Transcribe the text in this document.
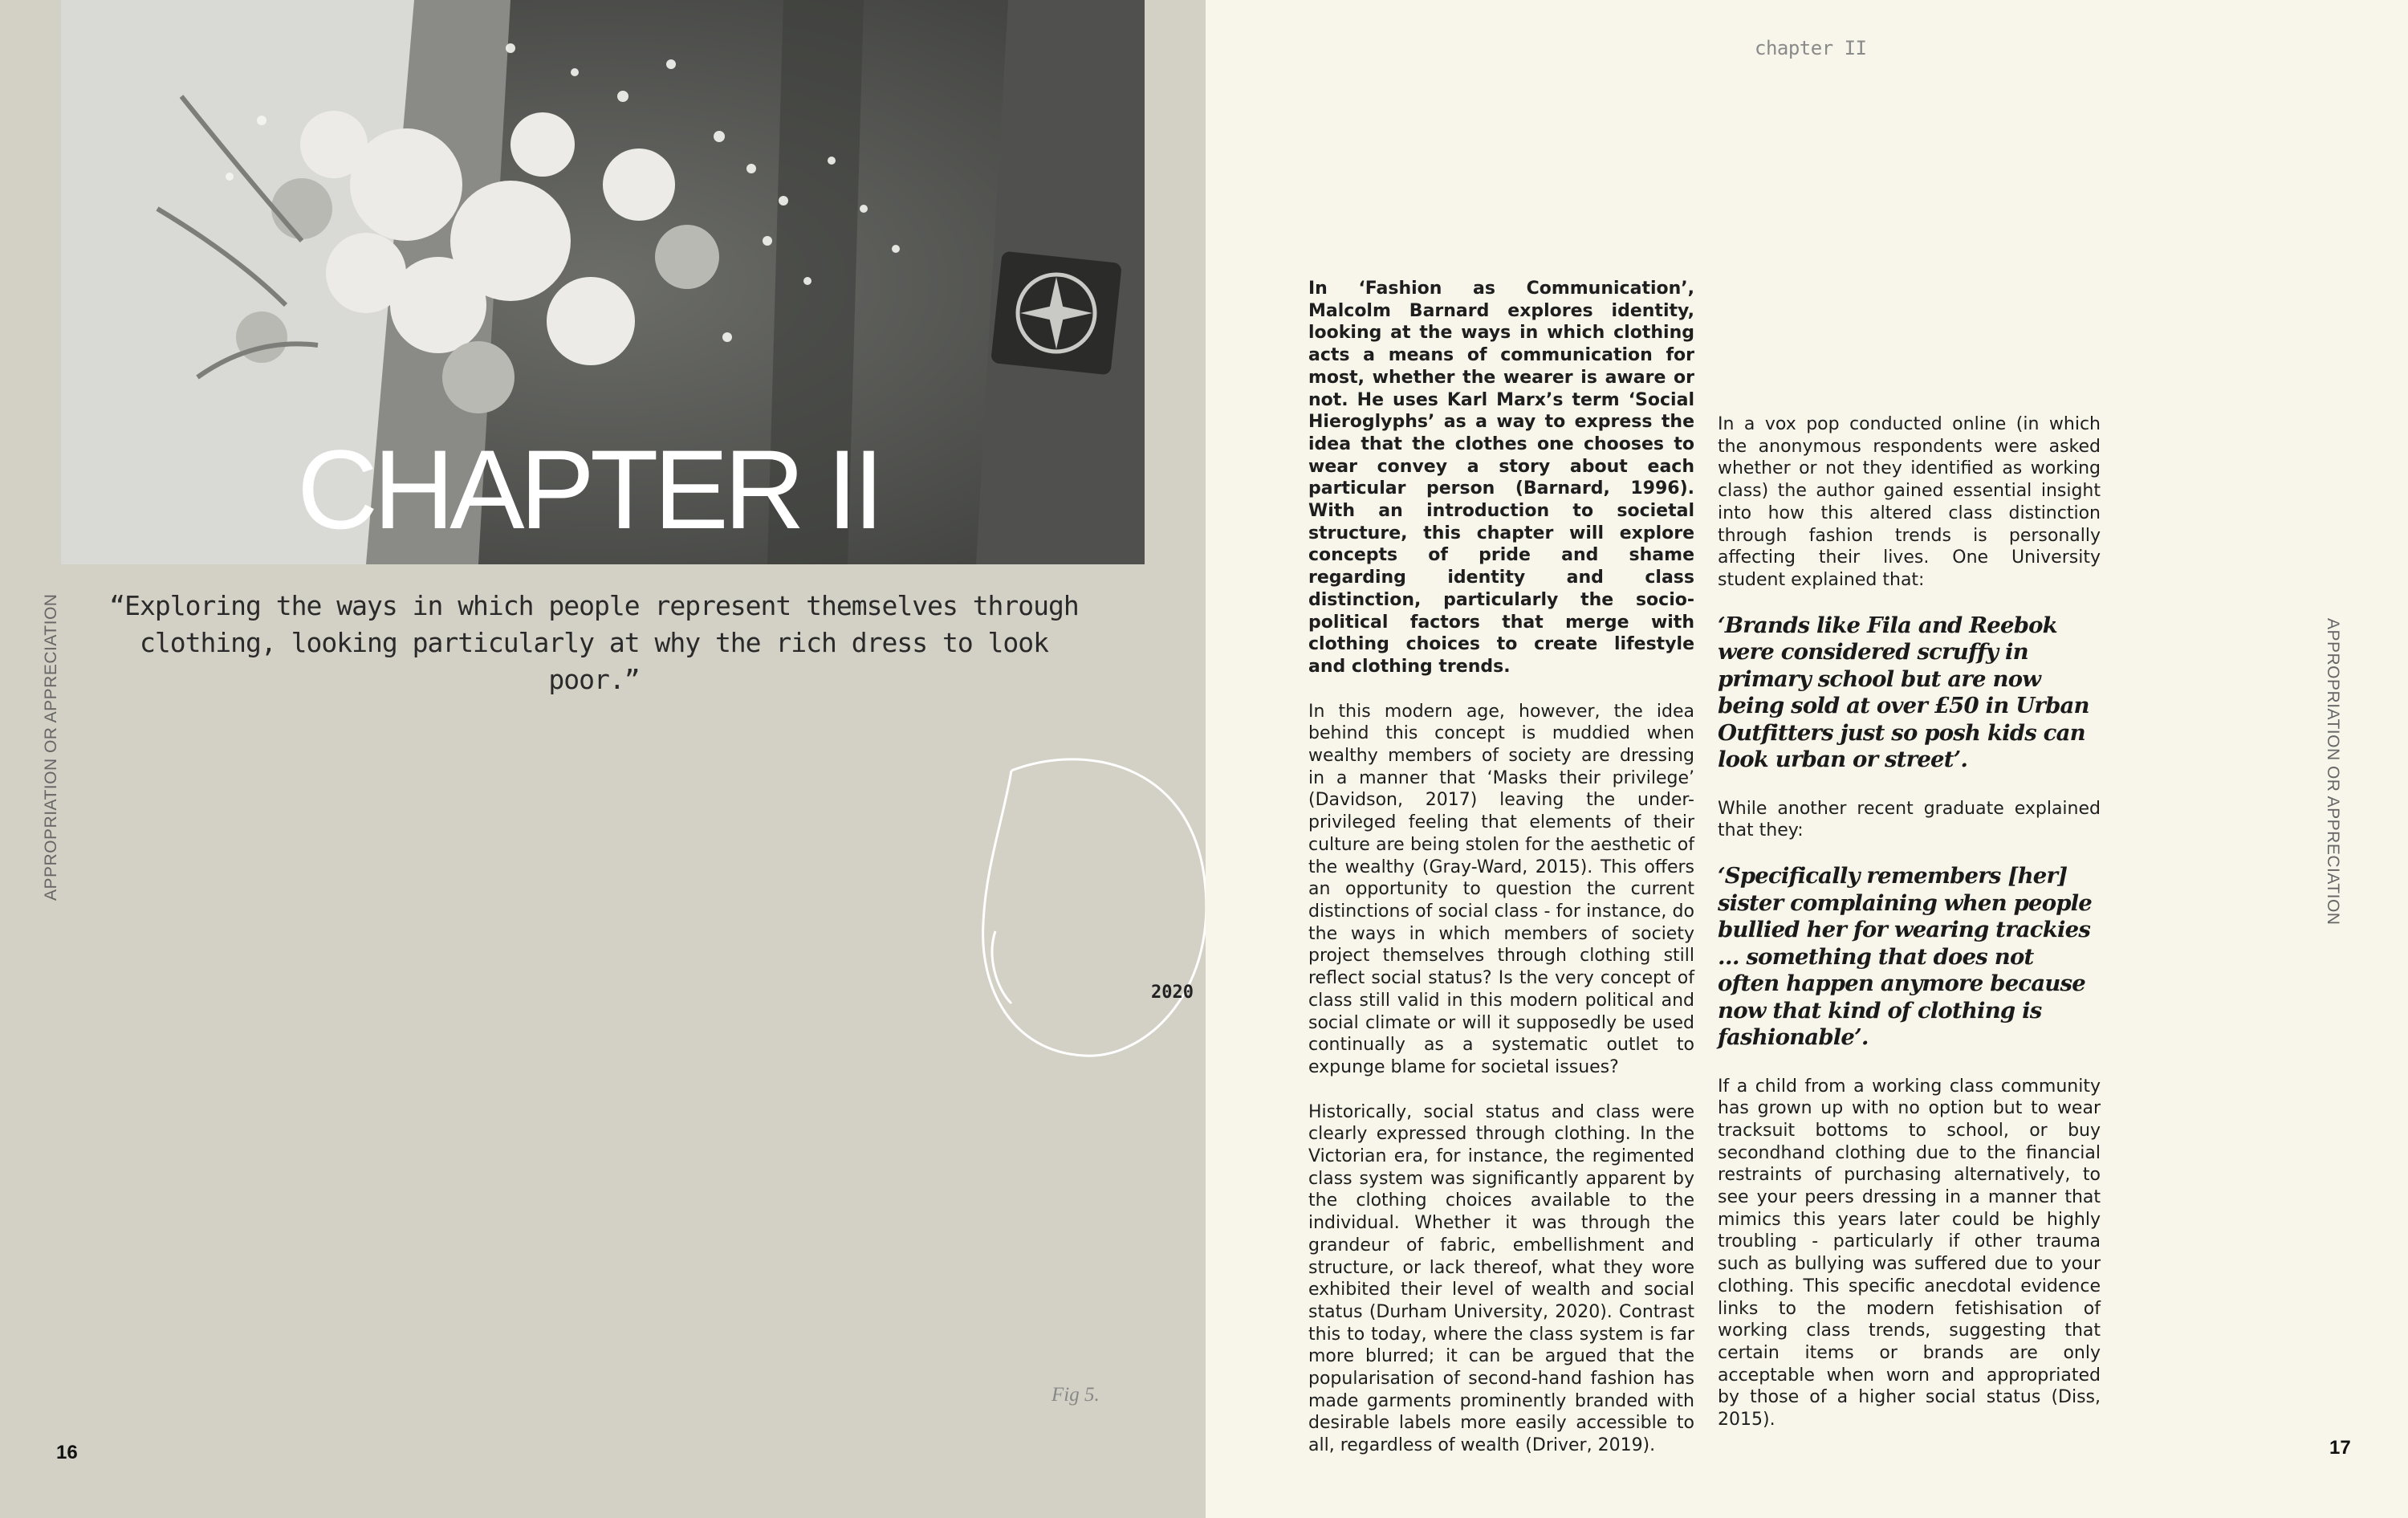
CHAPTER II
“Exploring the ways in which people represent themselves through clothing, looking particularly at why the rich dress to look poor.”
APPROPRIATION OR APPRECIATION
2020
Fig 5.
16
chapter II

In ‘Fashion as Communication’, Malcolm Barnard explores identity, looking at the ways in which clothing acts a means of communication for most, whether the wearer is aware or not. He uses Karl Marx’s term ‘Social Hieroglyphs’ as a way to express the idea that the clothes one chooses to wear convey a story about each particular person (Barnard, 1996). With an introduction to societal structure, this chapter will explore concepts of pride and shame regarding identity and class distinction, particularly the socio-political factors that merge with clothing choices to create lifestyle and clothing trends.

In this modern age, however, the idea behind this concept is muddied when wealthy members of society are dressing in a manner that ‘Masks their privilege’ (Davidson, 2017) leaving the under-privileged feeling that elements of their culture are being stolen for the aesthetic of the wealthy (Gray-Ward, 2015). This offers an opportunity to question the current distinctions of social class - for instance, do the ways in which members of society project themselves through clothing still reflect social status? Is the very concept of class still valid in this modern political and social climate or will it supposedly be used continually as a systematic outlet to expunge blame for societal issues?

Historically, social status and class were clearly expressed through clothing. In the Victorian era, for instance, the regimented class system was significantly apparent by the clothing choices available to the individual. Whether it was through the grandeur of fabric, embellishment and structure, or lack thereof, what they wore exhibited their level of wealth and social status (Durham University, 2020). Contrast this to today, where the class system is far more blurred; it can be argued that the popularisation of second-hand fashion has made garments prominently branded with desirable labels more easily accessible to all, regardless of wealth (Driver, 2019).

In a vox pop conducted online (in which the anonymous respondents were asked whether or not they identified as working class) the author gained essential insight into how this altered class distinction through fashion trends is personally affecting their lives. One University student explained that:

‘Brands like Fila and Reebok were considered scruffy in primary school but are now being sold at over £50 in Urban Outfitters just so posh kids can look urban or street’.

While another recent graduate explained that they:

‘Specifically remembers [her] sister complaining when people bullied her for wearing trackies … something that does not often happen anymore because now that kind of clothing is fashionable’.

If a child from a working class community has grown up with no option but to wear tracksuit bottoms to school, or buy secondhand clothing due to the financial restraints of purchasing alternatively, to see your peers dressing in a manner that mimics this years later could be highly troubling - particularly if other trauma such as bullying was suffered due to your clothing. This specific anecdotal evidence links to the modern fetishisation of working class trends, suggesting that certain items or brands are only acceptable when worn and appropriated by those of a higher social status (Diss, 2015).

APPROPRIATION OR APPRECIATION
17
